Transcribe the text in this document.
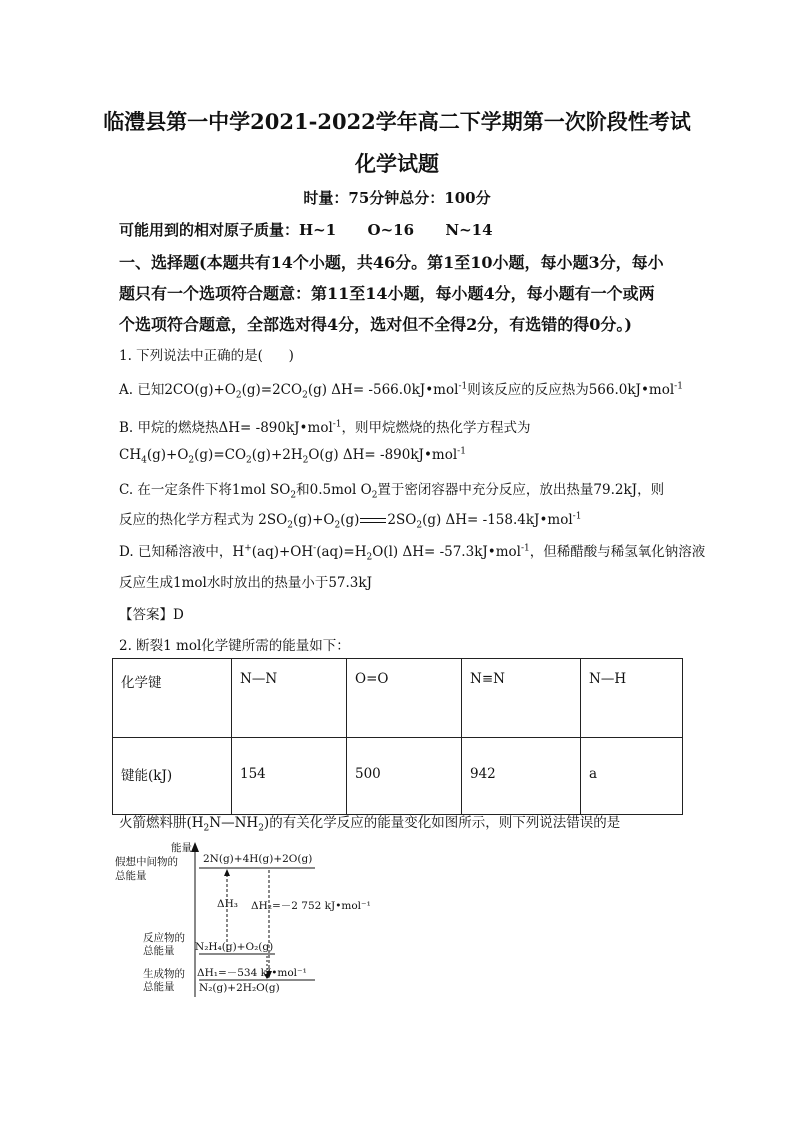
临澧县第一中学2021-2022学年高二下学期第一次阶段性考试
化学试题
时量：75分钟总分：100分
可能用到的相对原子质量：H~1      O~16      N~14
一、选择题(本题共有14个小题，共46分。第1至10小题，每小题3分，每小
题只有一个选项符合题意：第11至14小题，每小题4分，每小题有一个或两
个选项符合题意，全部选对得4分，选对但不全得2分，有选错的得0分。)
1. 下列说法中正确的是(      )
A. 已知$2CO(g)+O_2(g)=2CO_2(g)$ ΔH= -566.0kJ•mol$^{-1}$则该反应的反应热为566.0kJ•mol$^{-1}$
B. 甲烷的燃烧热ΔH= -890kJ•mol$^{-1}$，则甲烷燃烧的热化学方程式为
$CH_4(g)+O_2(g)=CO_2(g)+2H_2O(g)$ ΔH= -890kJ•mol$^{-1}$
C. 在一定条件下将1mol $SO_2$和0.5mol $O_2$置于密闭容器中充分反应，放出热量79.2kJ，则
反应的热化学方程式为 $2SO_2(g)+O_2(g)$ $2SO_2(g)$ ΔH= -158.4kJ•mol$^{-1}$
D. 已知稀溶液中，$H^+(aq)+OH^-(aq)=H_2O(l)$ ΔH= -57.3kJ•mol$^{-1}$，但稀醋酸与稀氢氧化钠溶液
反应生成1mol水时放出的热量小于57.3kJ
【答案】D
2. 断裂1 mol化学键所需的能量如下：
化学键	N—N	O=O	N≡N	N—H
键能(kJ)	154	500	942	a
火箭燃料肼$(H_2N—NH_2)$的有关化学反应的能量变化如图所示，则下列说法错误的是
能量
假想中间物的
总能量
反应物的
总能量
生成物的
总能量
2N(g)+4H(g)+2O(g)
N₂H₄(g)+O₂(g)
N₂(g)+2H₂O(g)
ΔH₃ ΔH₂=－2 752 kJ•mol⁻¹
ΔH₁=－534 kJ•mol⁻¹
